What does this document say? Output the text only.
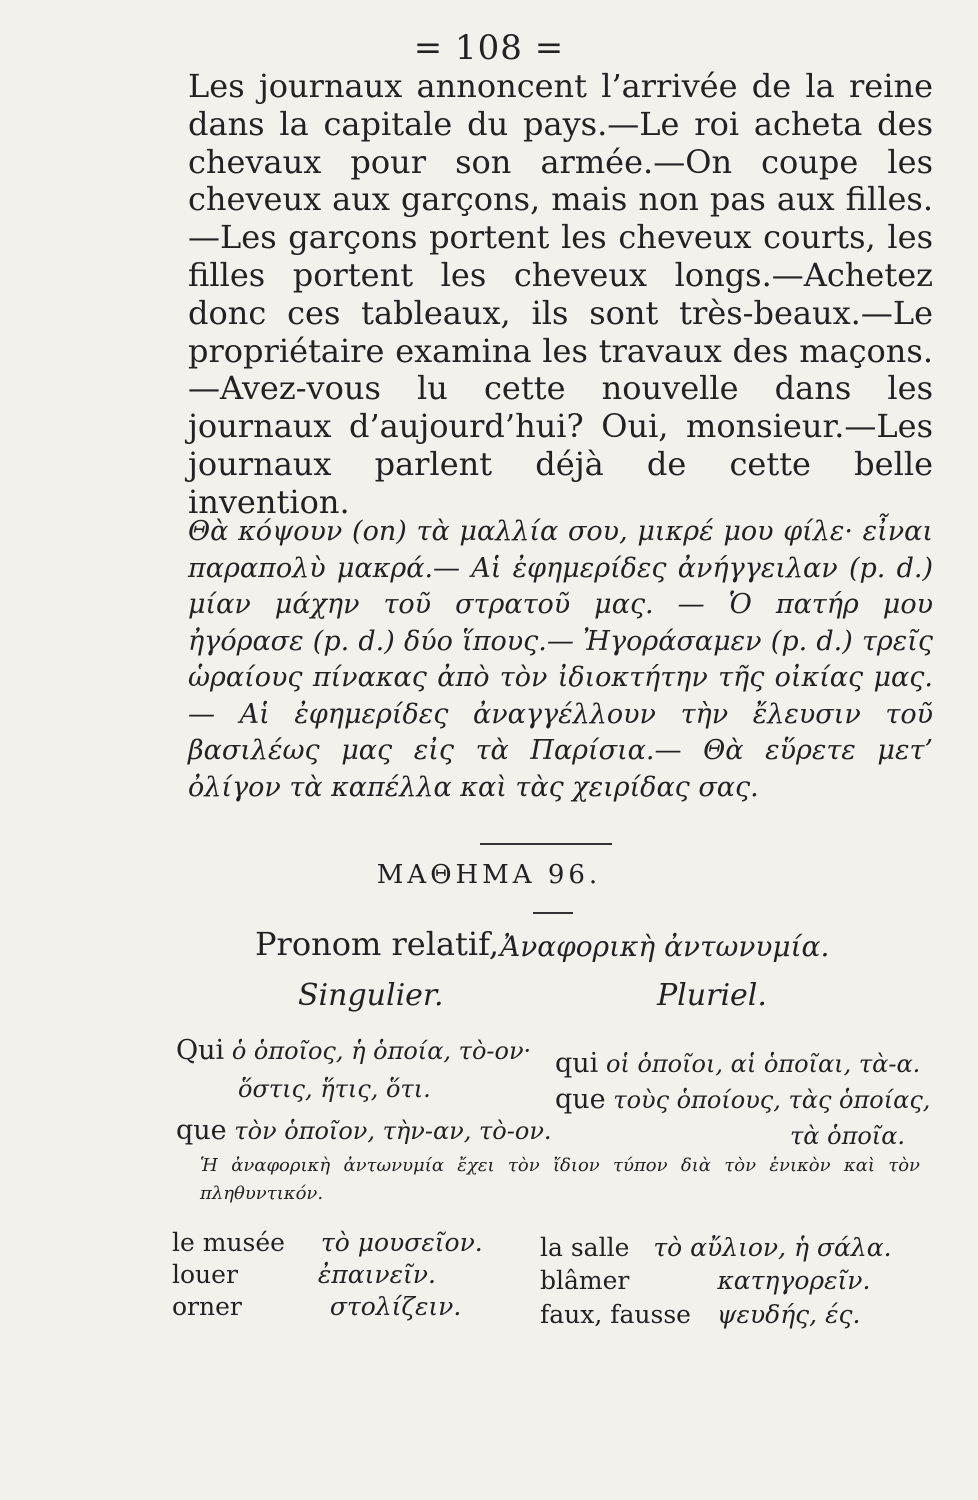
= 108 =

Les journaux annoncent l’arrivée de la reine dans la capitale du pays.—Le roi acheta des chevaux pour son armée.—On coupe les cheveux aux garçons, mais non pas aux filles.—Les garçons portent les cheveux courts, les filles portent les cheveux longs.—Achetez donc ces tableaux, ils sont très-beaux.—Le propriétaire examina les travaux des maçons.—Avez-vous lu cette nouvelle dans les journaux d’aujourd’hui? Oui, monsieur.—Les journaux parlent déjà de cette belle invention.

Θὰ κόψουν (on) τὰ μαλλία σου, μικρέ μου φίλε· εἶναι παραπολὺ μακρά.— Αἱ ἐφημερίδες ἀνήγγειλαν (p. d.) μίαν μάχην τοῦ στρατοῦ μας. — Ὁ πατήρ μου ἠγόρασε (p. d.) δύο ἵπους.— Ἠγοράσαμεν (p. d.) τρεῖς ὡραίους πίνακας ἀπὸ τὸν ἰδιοκτήτην τῆς οἰκίας μας.— Αἱ ἐφημερίδες ἀναγγέλλουν τὴν ἔλευσιν τοῦ βασιλέως μας εἰς τὰ Παρίσια.— Θὰ εὕρετε μετ’ ὀλίγον τὰ καπέλλα καὶ τὰς χειρίδας σας.

ΜΑΘΗΜΑ 96.
Pronom relatif, Ἀναφορικὴ ἀντωνυμία.
Singulier.	Pluriel.
Qui ὁ ὁποῖος, ἡ ὁποία, τὸ-ον·
ὅστις, ἥτις, ὅτι.
que τὸν ὁποῖον, τὴν-αν, τὸ-ον.
qui οἱ ὁποῖοι, αἱ ὁποῖαι, τὰ-α.
que τοὺς ὁποίους, τὰς ὁποίας,
τὰ ὁποῖα.

Ἡ ἀναφορικὴ ἀντωνυμία ἔχει τὸν ἴδιον τύπον διὰ τὸν ἑνικὸν καὶ τὸν πληθυντικόν.

le musée τὸ μουσεῖον.
louer	ἐπαινεῖν.
orner	στολίζειν.
la salle τὸ αὔλιον, ἡ σάλα.
blâmer	κατηγορεῖν.
faux, fausse ψευδής, ές.
